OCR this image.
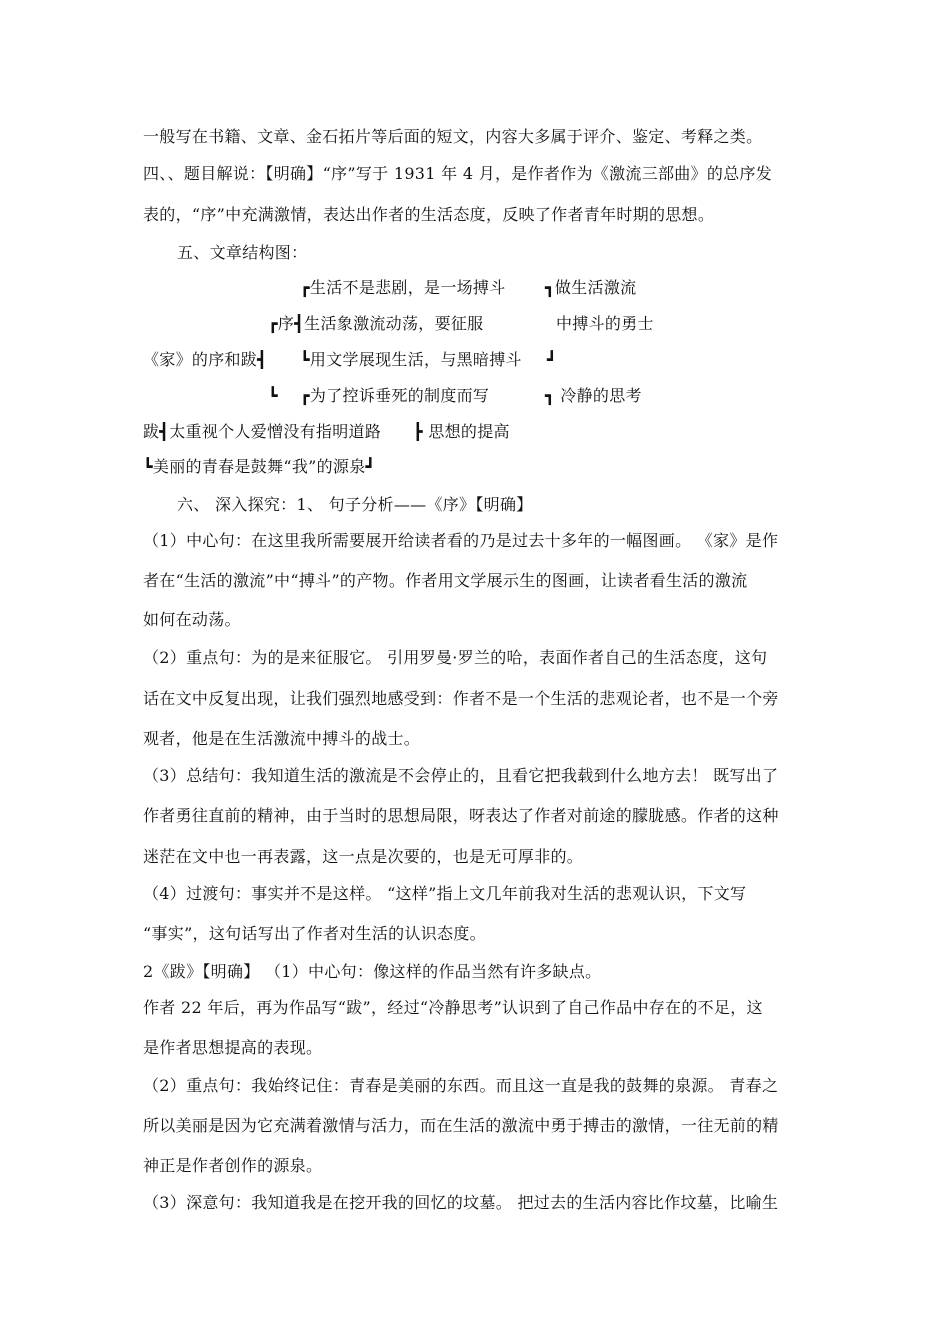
一般写在书籍、文章、金石拓片等后面的短文，内容大多属于评介、鉴定、考释之类。
四、、题目解说：【明确】“序”写于 1931 年 4 月，是作者作为《激流三部曲》的总序发
表的，“序”中充满激情，表达出作者的生活态度，反映了作者青年时期的思想。
五、文章结构图：
┏生活不是悲剧，是一场搏斗 ┓做生活激流
┏序┫生活象激流动荡，要征服	中搏斗的勇士
《家》的序和跋┫ ┗用文学展现生活，与黑暗搏斗 ┛
┗ ┏为了控诉垂死的制度而写	┓ 冷静的思考
跋┫太重视个人爱憎没有指明道路 ┣ 思想的提高
┗美丽的青春是鼓舞“我”的源泉┛
六、 深入探究：1、 句子分析——《序》【明确】
（1）中心句：在这里我所需要展开给读者看的乃是过去十多年的一幅图画。 《家》是作
者在“生活的激流”中“搏斗”的产物。作者用文学展示生的图画，让读者看生活的激流
如何在动荡。
（2）重点句：为的是来征服它。 引用罗曼·罗兰的哈，表面作者自己的生活态度，这句
话在文中反复出现，让我们强烈地感受到：作者不是一个生活的悲观论者，也不是一个旁
观者，他是在生活激流中搏斗的战士。
（3）总结句：我知道生活的激流是不会停止的，且看它把我载到什么地方去！ 既写出了
作者勇往直前的精神，由于当时的思想局限，呀表达了作者对前途的朦胧感。作者的这种
迷茫在文中也一再表露，这一点是次要的，也是无可厚非的。
（4）过渡句：事实并不是这样。 “这样”指上文几年前我对生活的悲观认识，下文写
“事实”，这句话写出了作者对生活的认识态度。
2《跋》【明确】 （1）中心句：像这样的作品当然有许多缺点。
作者 22 年后，再为作品写“跋”，经过“冷静思考”认识到了自己作品中存在的不足，这
是作者思想提高的表现。
（2）重点句：我始终记住：青春是美丽的东西。而且这一直是我的鼓舞的泉源。 青春之
所以美丽是因为它充满着激情与活力，而在生活的激流中勇于搏击的激情，一往无前的精
神正是作者创作的源泉。
（3）深意句：我知道我是在挖开我的回忆的坟墓。 把过去的生活内容比作坟墓，比喻生
